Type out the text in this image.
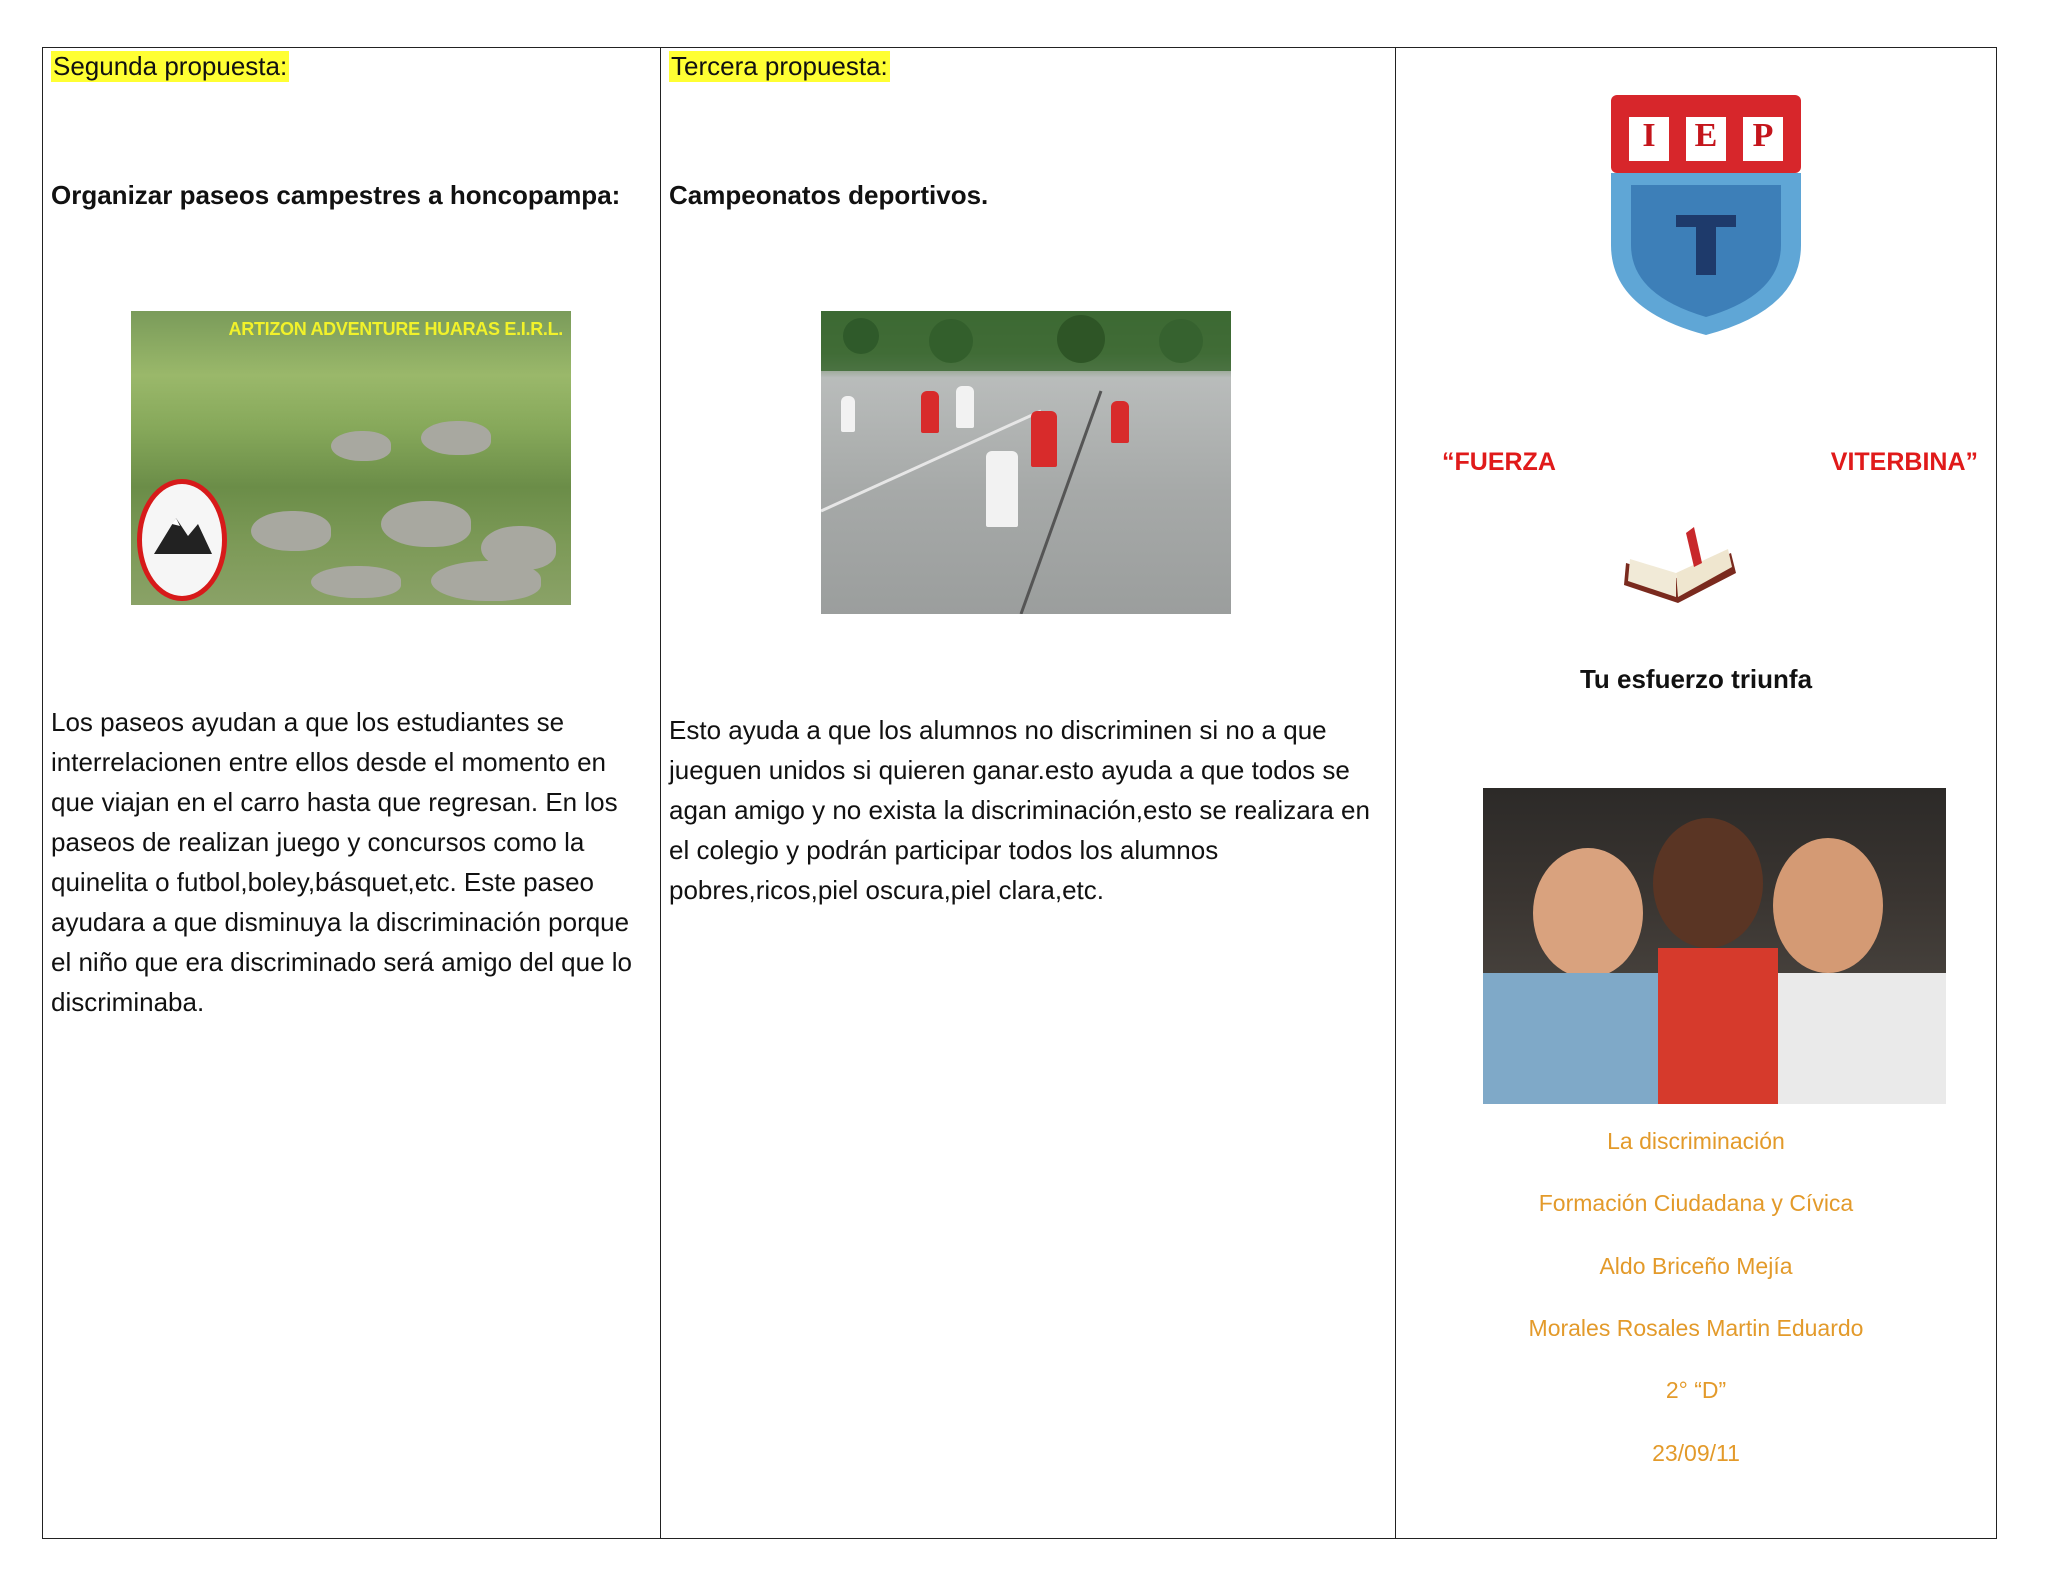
Segunda propuesta:
Organizar paseos campestres a honcopampa:
ARTIZON ADVENTURE HUARAS E.I.R.L.
Los paseos ayudan a que los estudiantes se interrelacionen entre ellos desde el momento en que viajan en el carro hasta que regresan. En los paseos de realizan juego y concursos como la quinelita o futbol,boley,básquet,etc. Este paseo ayudara a que disminuya la discriminación porque el niño que era discriminado será amigo del que lo discriminaba.
Tercera propuesta:
Campeonatos deportivos.
Esto ayuda a que los alumnos no discriminen si no a que jueguen unidos si quieren ganar.esto ayuda a que todos se agan amigo y no exista la discriminación,esto se realizara en el colegio y podrán participar todos los alumnos pobres,ricos,piel oscura,piel clara,etc.
I	E P
“FUERZA	VITERBINA”
Tu esfuerzo triunfa
La discriminación
Formación Ciudadana y Cívica
Aldo Briceño Mejía
Morales Rosales Martin Eduardo
2° “D”
23/09/11
